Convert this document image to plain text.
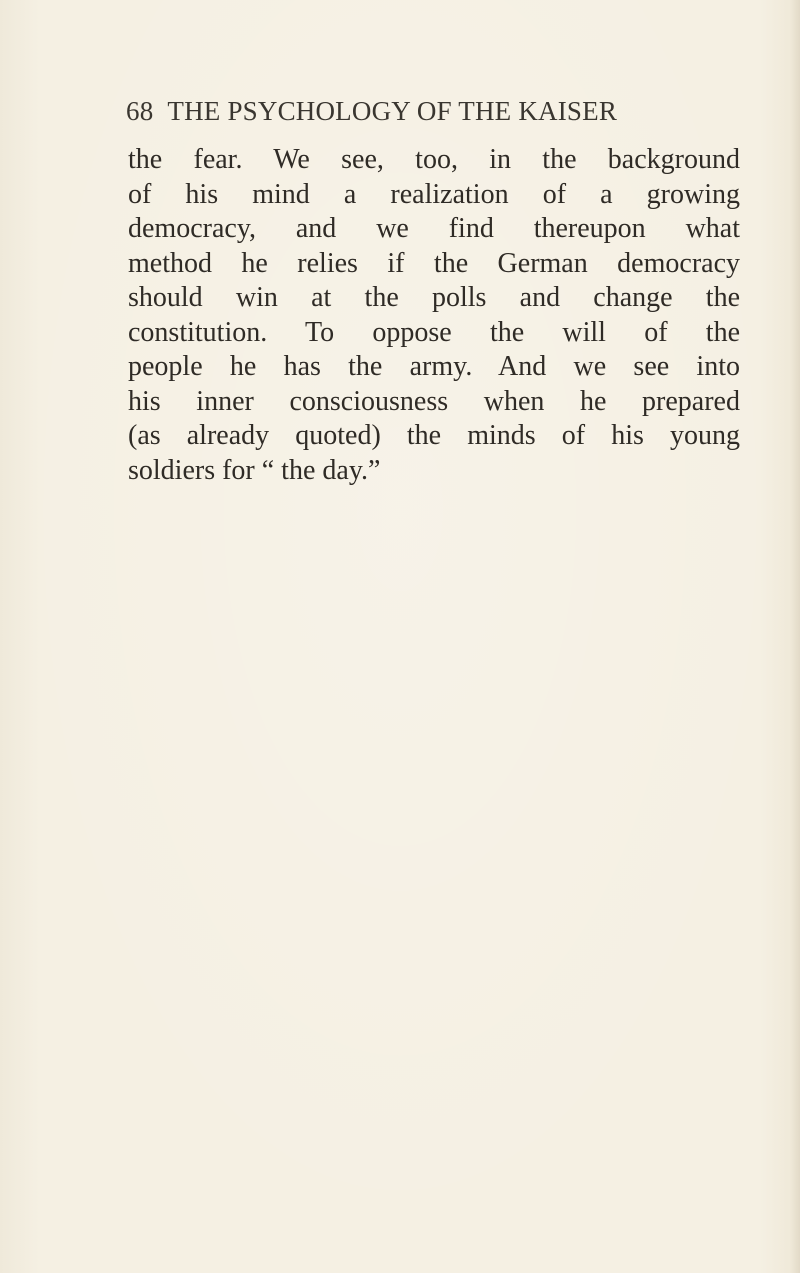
68 THE PSYCHOLOGY OF THE KAISER
the fear. We see, too, in the background
of his mind a realization of a growing
democracy, and we find thereupon what
method he relies if the German democracy
should win at the polls and change the
constitution. To oppose the will of the
people he has the army. And we see into
his inner consciousness when he prepared
(as already quoted) the minds of his young
soldiers for “ the day.”
